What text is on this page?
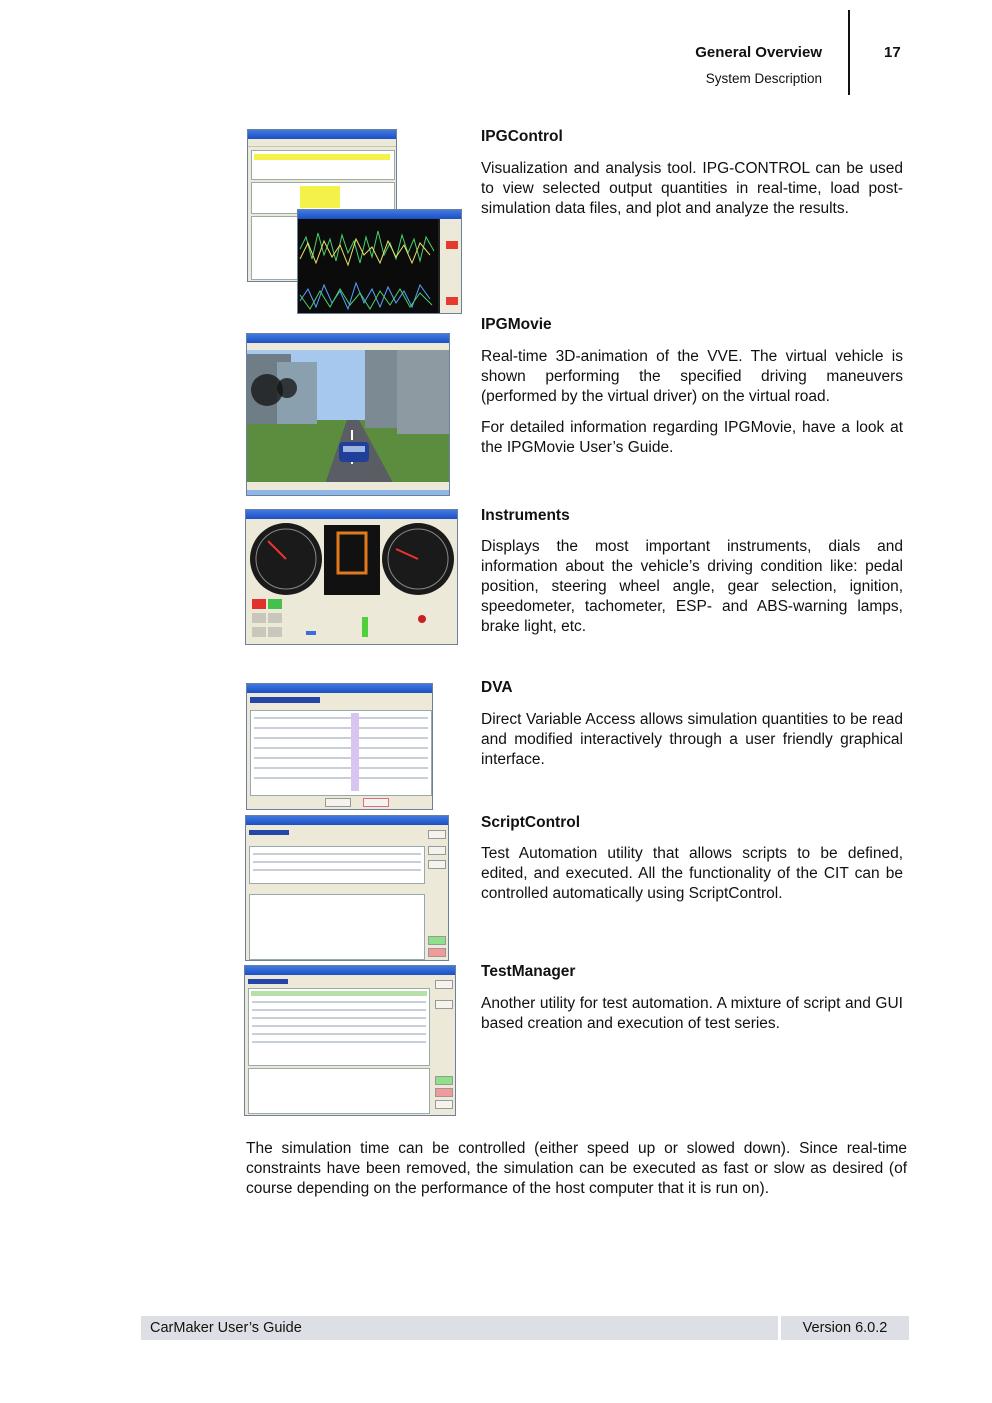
General Overview
System Description
17
IPGControl
Visualization and analysis tool. IPG-CONTROL can be used to view selected output quantities in real-time, load post-simulation data files, and plot and analyze the results.
IPGMovie
Real-time 3D-animation of the VVE. The virtual vehicle is shown performing the specified driving maneuvers (performed by the virtual driver) on the virtual road.
For detailed information regarding IPGMovie, have a look at the IPGMovie User’s Guide.
Instruments
Displays the most important instruments, dials and information about the vehicle’s driving condition like: pedal position, steering wheel angle, gear selection, ignition, speedometer, tachometer, ESP- and ABS-warning lamps, brake light, etc.
DVA
Direct Variable Access allows simulation quantities to be read and modified interactively through a user friendly graphical interface.
ScriptControl
Test Automation utility that allows scripts to be defined, edited, and executed. All the functionality of the CIT can be controlled automatically using ScriptControl.
TestManager
Another utility for test automation. A mixture of script and GUI based creation and execution of test series.
The simulation time can be controlled (either speed up or slowed down). Since real-time constraints have been removed, the simulation can be executed as fast or slow as desired (of course depending on the performance of the host computer that it is run on).
CarMaker User’s Guide	Version 6.0.2
